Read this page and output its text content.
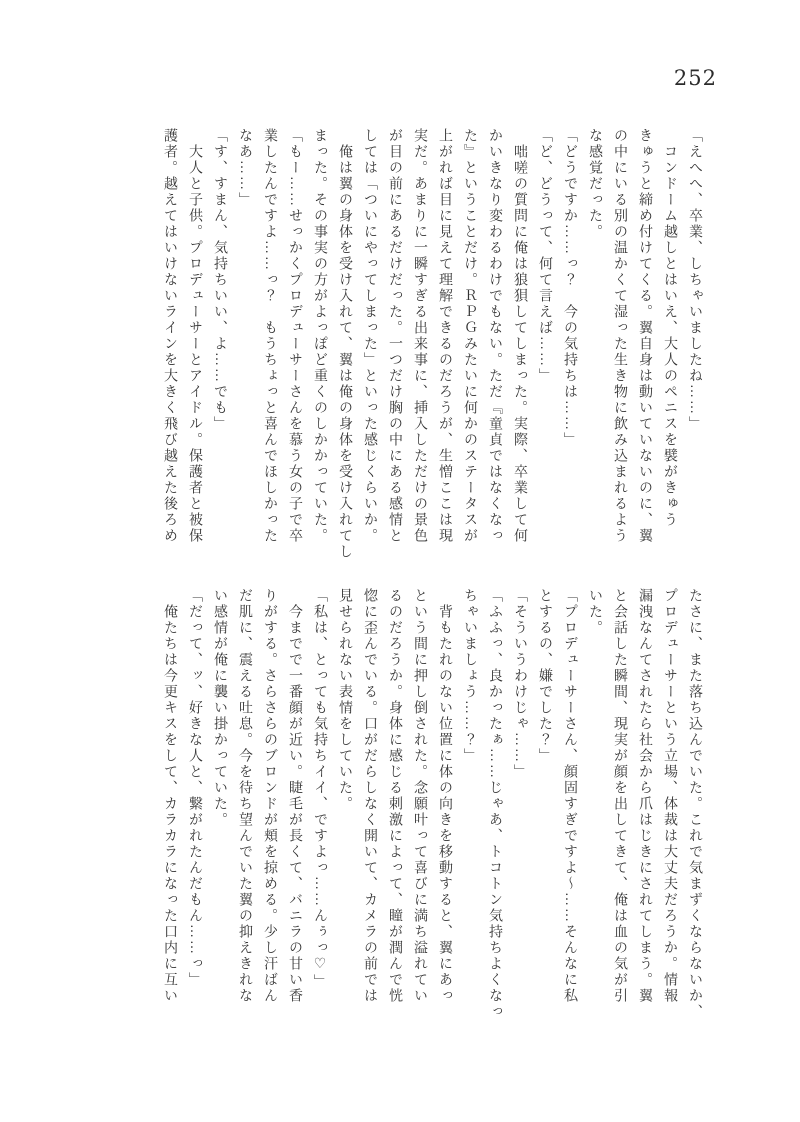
252

「えへへ、卒業、しちゃいましたね……」

コンドーム越しとはいえ、大人のペニスを襞がきゅう

きゅうと締め付けてくる。翼自身は動いていないのに、翼

の中にいる別の温かくて湿った生き物に飲み込まれるよう

な感覚だった。

「どうですか……っ？　今の気持ちは……」

「ど、どうって、何て言えば……」

咄嗟の質問に俺は狼狽してしまった。実際、卒業して何

かいきなり変わるわけでもない。ただ『童貞ではなくなっ

た』ということだけ。ＲＰＧみたいに何かのステータスが

上がれば目に見えて理解できるのだろうが、生憎ここは現

実だ。あまりに一瞬すぎる出来事に、挿入しただけの景色

が目の前にあるだけだった。一つだけ胸の中にある感情と

しては「ついにやってしまった」といった感じくらいか。

俺は翼の身体を受け入れて、翼は俺の身体を受け入れてし

まった。その事実の方がよっぽど重くのしかかっていた。

「もー……せっかくプロデューサーさんを慕う女の子で卒

業したんですよ……っ？　もうちょっと喜んでほしかった

なあ……」

「す、すまん、気持ちいい、よ……でも」

大人と子供。プロデューサーとアイドル。保護者と被保

護者。越えてはいけないラインを大きく飛び越えた後ろめ

たさに、また落ち込んでいた。これで気まずくならないか、

プロデューサーという立場、体裁は大丈夫だろうか。情報

漏洩なんてされたら社会から爪はじきにされてしまう。翼

と会話した瞬間、現実が顔を出してきて、俺は血の気が引

いた。

「プロデューサーさん、顔固すぎですよ〜……そんなに私

とするの、嫌でした？」

「そういうわけじゃ……」

「ふふっ、良かったぁ……じゃあ、トコトン気持ちよくなっ

ちゃいましょう……？」

背もたれのない位置に体の向きを移動すると、翼にあっ

という間に押し倒された。念願叶って喜びに満ち溢れてい

るのだろうか。身体に感じる刺激によって、瞳が潤んで恍

惚に歪んでいる。口がだらしなく開いて、カメラの前では

見せられない表情をしていた。

「私は、とっても気持ちイイ、ですよっ……んぅっ♡」

今までで一番顔が近い。睫毛が長くて、バニラの甘い香

りがする。さらさらのブロンドが頬を掠める。少し汗ばん

だ肌に、震える吐息。今を待ち望んでいた翼の抑えきれな

い感情が俺に襲い掛かっていた。

「だって、ッ、好きな人と、繋がれたんだもん……っ」

俺たちは今更キスをして、カラカラになった口内に互い
